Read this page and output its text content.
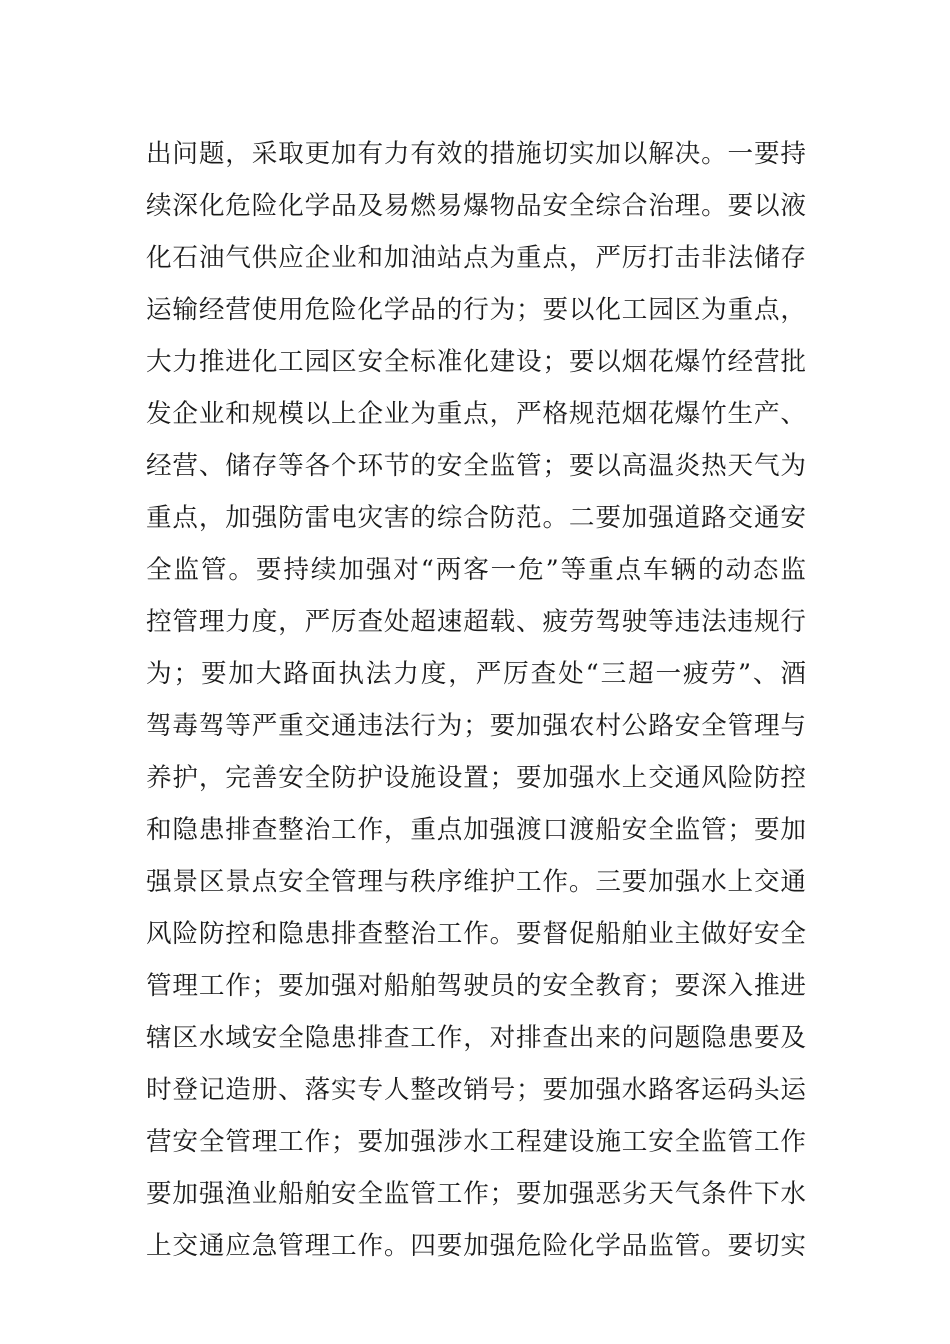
出问题，采取更加有力有效的措施切实加以解决。一要持
续深化危险化学品及易燃易爆物品安全综合治理。要以液
化石油气供应企业和加油站点为重点，严厉打击非法储存
运输经营使用危险化学品的行为；要以化工园区为重点，
大力推进化工园区安全标准化建设；要以烟花爆竹经营批
发企业和规模以上企业为重点，严格规范烟花爆竹生产、
经营、储存等各个环节的安全监管；要以高温炎热天气为
重点，加强防雷电灾害的综合防范。二要加强道路交通安
全监管。要持续加强对“两客一危”等重点车辆的动态监
控管理力度，严厉查处超速超载、疲劳驾驶等违法违规行
为；要加大路面执法力度，严厉查处“三超一疲劳”、酒
驾毒驾等严重交通违法行为；要加强农村公路安全管理与
养护，完善安全防护设施设置；要加强水上交通风险防控
和隐患排查整治工作，重点加强渡口渡船安全监管；要加
强景区景点安全管理与秩序维护工作。三要加强水上交通
风险防控和隐患排查整治工作。要督促船舶业主做好安全
管理工作；要加强对船舶驾驶员的安全教育；要深入推进
辖区水域安全隐患排查工作，对排查出来的问题隐患要及
时登记造册、落实专人整改销号；要加强水路客运码头运
营安全管理工作；要加强涉水工程建设施工安全监管工作
要加强渔业船舶安全监管工作；要加强恶劣天气条件下水
上交通应急管理工作。四要加强危险化学品监管。要切实
